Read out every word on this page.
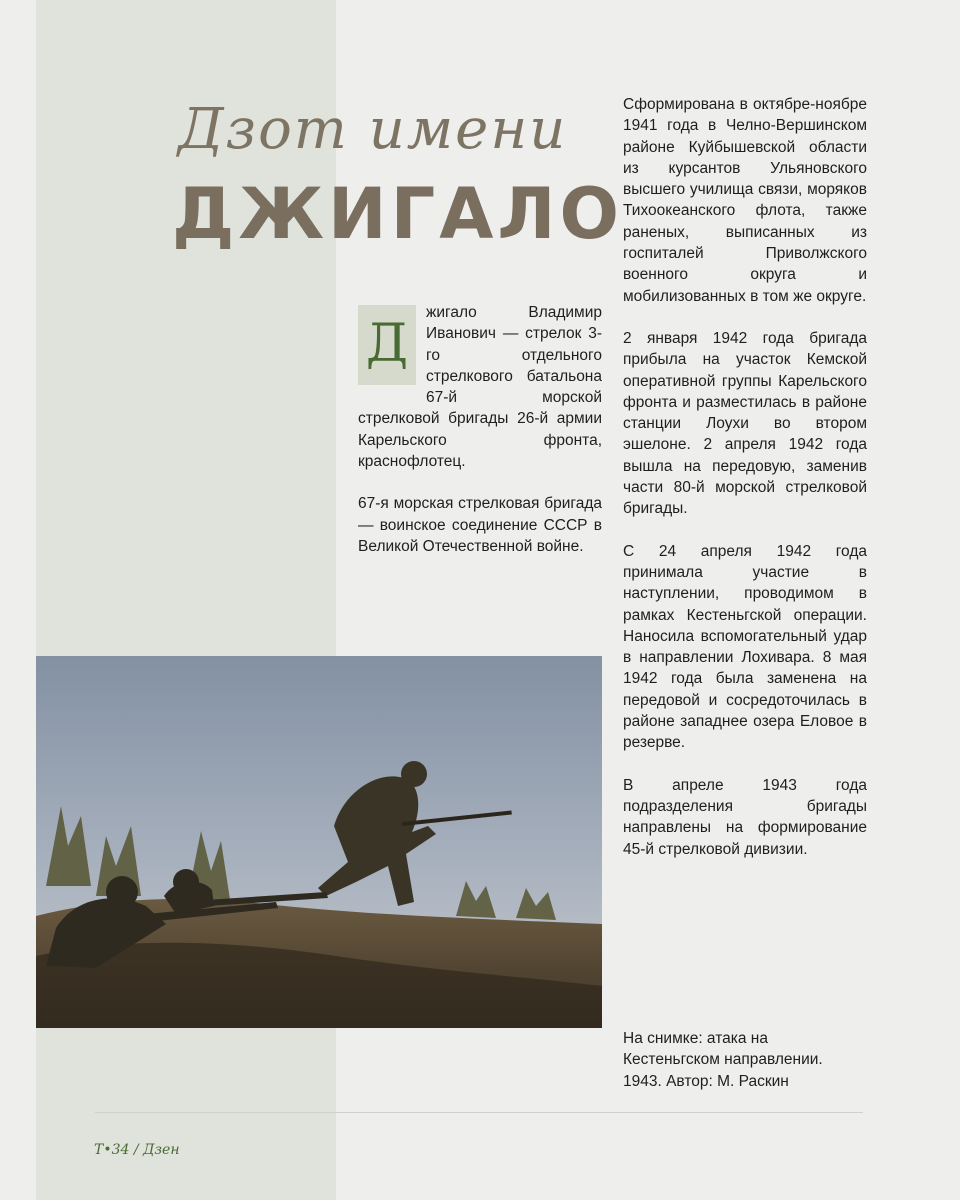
Дзот имени
ДЖИГАЛО

Д
жигало Владимир Иванович — стрелок 3-го отдельного стрелкового батальона 67-й морской стрелковой бригады 26-й армии Карельского фронта, краснофлотец.

67-я морская стрелковая бригада — воинское соединение СССР в Великой Отечественной войне.

Сформирована в октябре-ноябре 1941 года в Челно-Вершинском районе Куйбышевской области из курсантов Ульяновского высшего училища связи, моряков Тихоокеанского флота, также раненых, выписанных из госпиталей Приволжского военного округа и мобилизованных в том же округе.

2 января 1942 года бригада прибыла на участок Кемской оперативной группы Карельского фронта и разместилась в районе станции Лоухи во втором эшелоне. 2 апреля 1942 года вышла на передовую, заменив части 80-й морской стрелковой бригады.

С 24 апреля 1942 года принимала участие в наступлении, проводимом в рамках Кестеньгской операции. Наносила вспомогательный удар в направлении Лохивара. 8 мая 1942 года была заменена на передовой и сосредоточилась в районе западнее озера Еловое в резерве.

В апреле 1943 года подразделения бригады направлены на формирование 45-й стрелковой дивизии.

На снимке: атака на Кестеньгском направлении.

1943. Автор: М. Раскин

Т•34 / Дзен
